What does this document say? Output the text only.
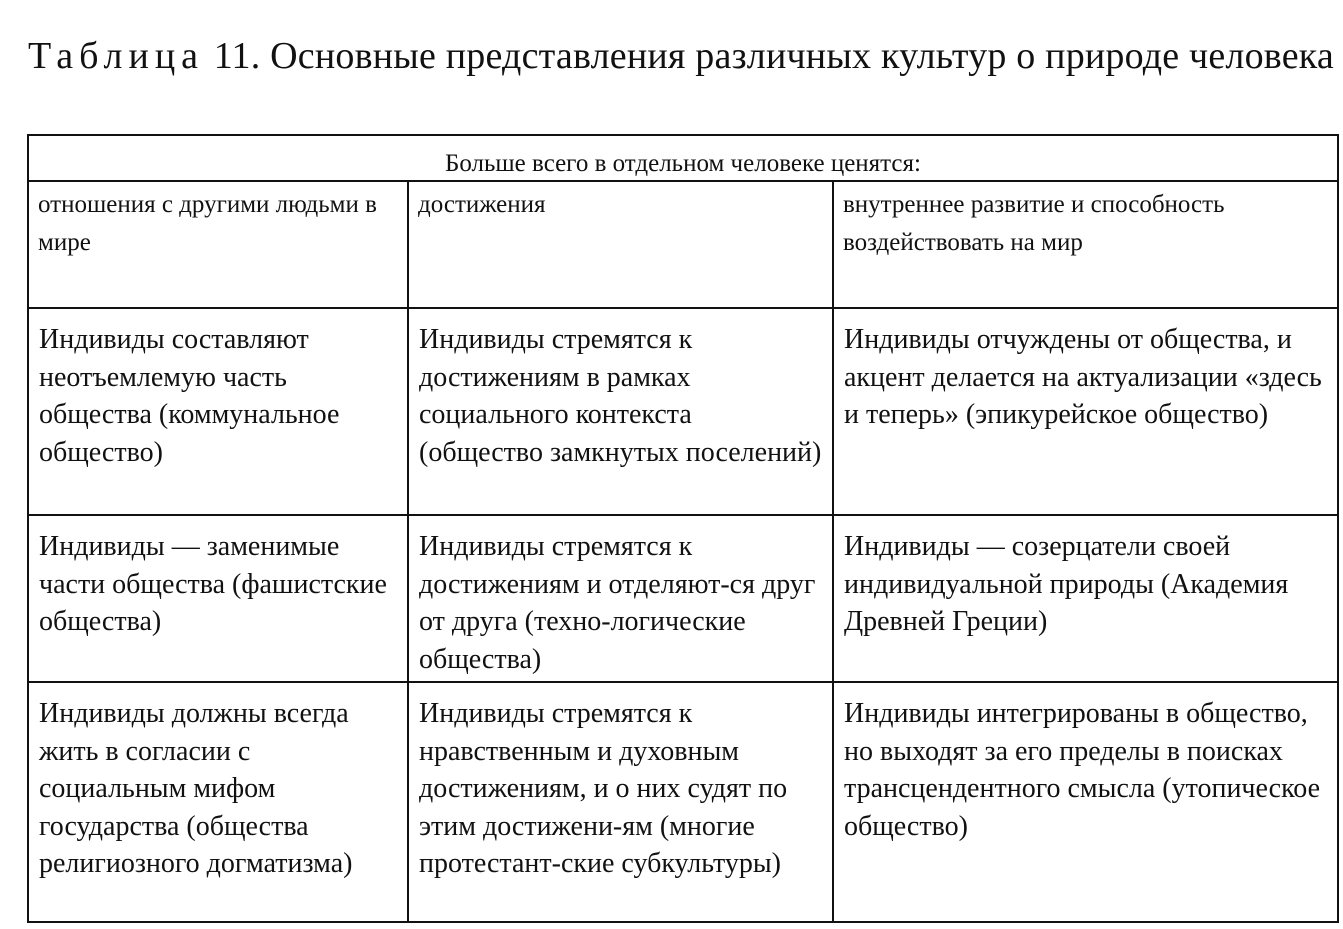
Таблица 11. Основные представления различных культур о природе человека
Больше всего в отдельном человеке ценятся:		

отношения с другими людьми в мире	достижения	внутреннее развитие и способность воздействовать на мир

Индивиды составляют неотъемлемую часть общества (коммунальное общество)	Индивиды стремятся к достижениям в рамках социального контекста (общество замкнутых поселений)	Индивиды отчуждены от общества, и акцент делается на актуализации «здесь и теперь» (эпикурейское общество)

Индивиды — заменимые части общества (фашистские общества)	Индивиды стремятся к достижениям и отделяют-ся друг от друга (техно-логические общества)	Индивиды — созерцатели своей индивидуальной природы (Академия Древней Греции)

Индивиды должны всегда жить в согласии с социальным мифом государства (общества религиозного догматизма)	Индивиды стремятся к нравственным и духовным достижениям, и о них судят по этим достижени-ям (многие протестант-ские субкультуры)	Индивиды интегрированы в общество, но выходят за его пределы в поисках трансцендентного смысла (утопическое общество)
